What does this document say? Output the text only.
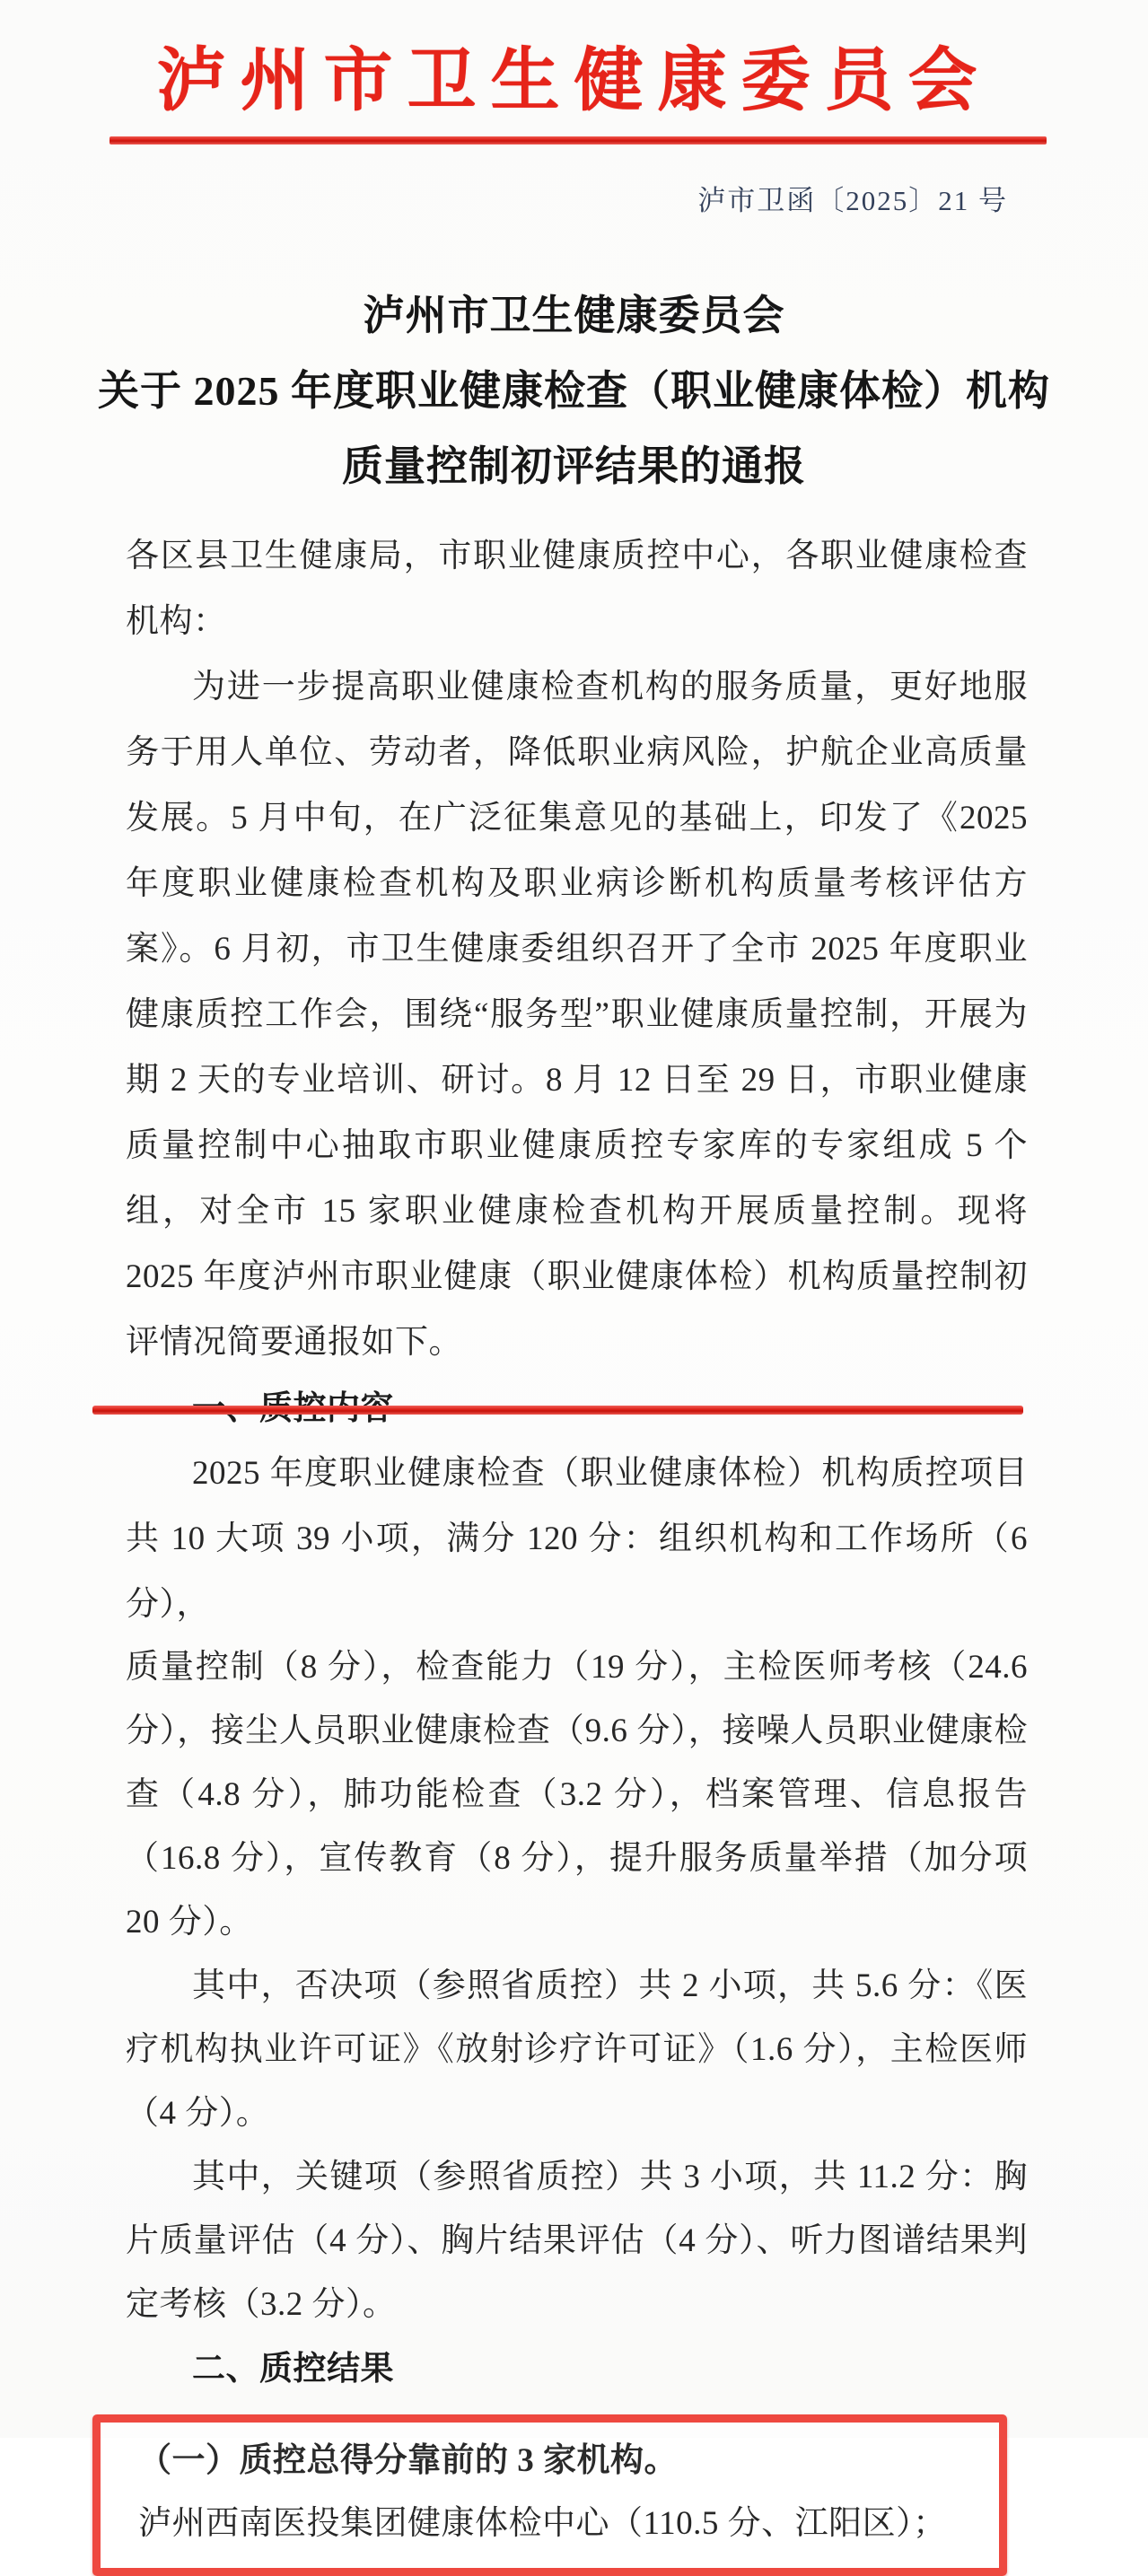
泸州市卫生健康委员会
泸市卫函〔2025〕21 号
泸州市卫生健康委员会
关于 2025 年度职业健康检查（职业健康体检）机构
质量控制初评结果的通报

各区县卫生健康局，市职业健康质控中心，各职业健康检查机构：

为进一步提高职业健康检查机构的服务质量，更好地服务于用人单位、劳动者，降低职业病风险，护航企业高质量发展。5 月中旬，在广泛征集意见的基础上，印发了《2025 年度职业健康检查机构及职业病诊断机构质量考核评估方案》。6 月初，市卫生健康委组织召开了全市 2025 年度职业健康质控工作会，围绕“服务型”职业健康质量控制，开展为期 2 天的专业培训、研讨。8 月 12 日至 29 日，市职业健康质量控制中心抽取市职业健康质控专家库的专家组成 5 个组，对全市 15 家职业健康检查机构开展质量控制。现将 2025 年度泸州市职业健康（职业健康体检）机构质量控制初评情况简要通报如下。

2025 年度职业健康检查（职业健康体检）机构质控项目共 10 大项 39 小项，满分 120 分：组织机构和工作场所（6 分），

质量控制（8 分），检查能力（19 分），主检医师考核（24.6 分），接尘人员职业健康检查（9.6 分），接噪人员职业健康检查（4.8 分），肺功能检查（3.2 分），档案管理、信息报告（16.8 分），宣传教育（8 分），提升服务质量举措（加分项 20 分）。

其中，否决项（参照省质控）共 2 小项，共 5.6 分：《医疗机构执业许可证》《放射诊疗许可证》（1.6 分），主检医师（4 分）。

其中，关键项（参照省质控）共 3 小项，共 11.2 分：胸片质量评估（4 分）、胸片结果评估（4 分）、听力图谱结果判定考核（3.2 分）。

二、质控结果

（一）质控总得分靠前的 3 家机构。

泸州西南医投集团健康体检中心（110.5 分、江阳区）；
